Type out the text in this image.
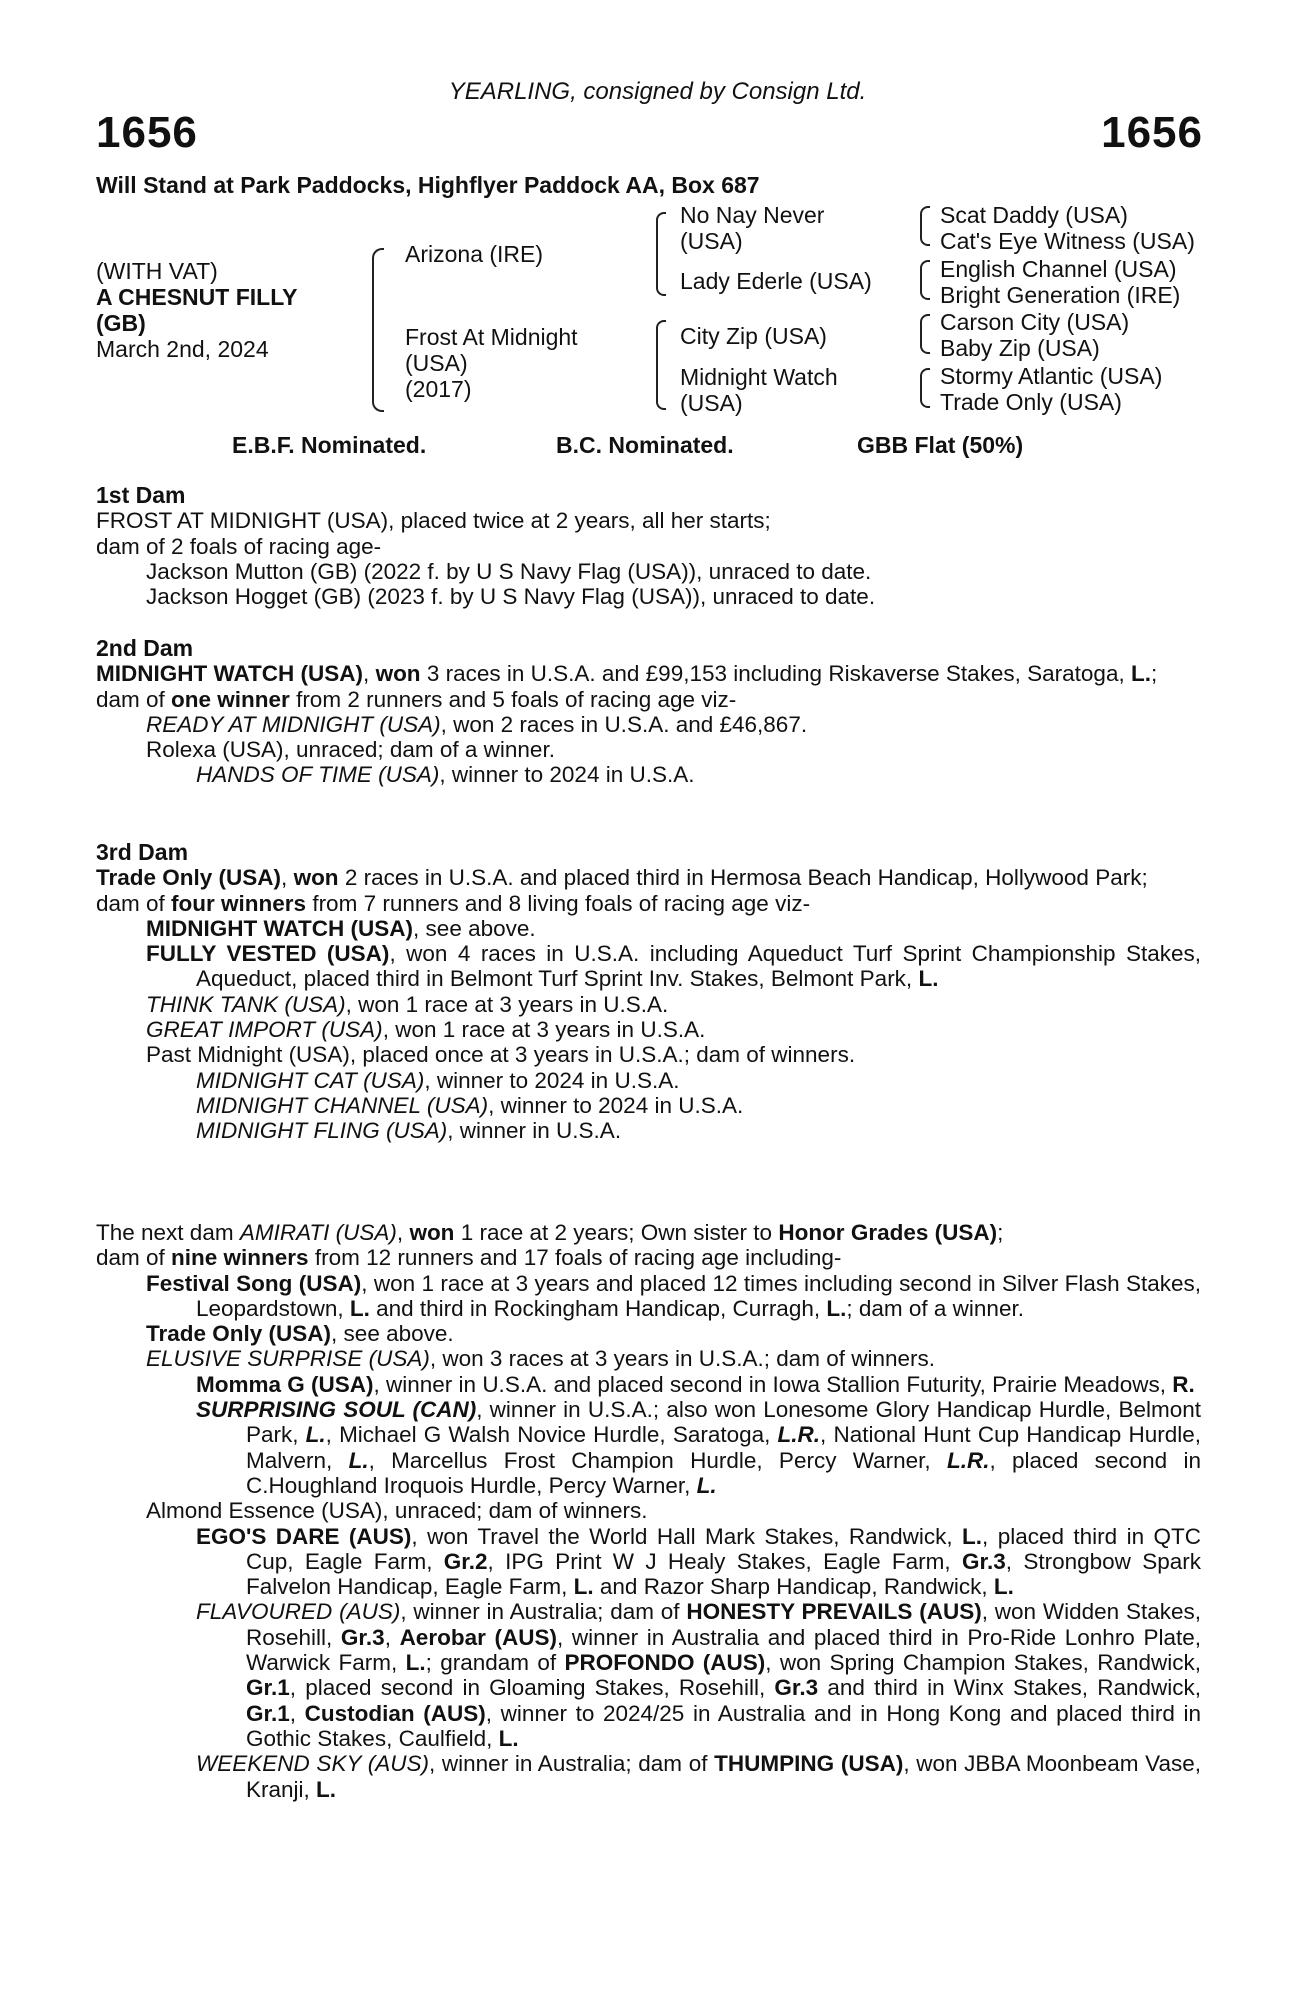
YEARLING, consigned by Consign Ltd.
1656	1656
Will Stand at Park Paddocks, Highflyer Paddock AA, Box 687
(WITH VAT)
A CHESNUT FILLY
(GB)
March 2nd, 2024
Arizona (IRE)
Frost At Midnight
(USA)
(2017)
No Nay Never
(USA)
Lady Ederle (USA)
City Zip (USA)
Midnight Watch
(USA)
Scat Daddy (USA)
Cat's Eye Witness (USA)
English Channel (USA)
Bright Generation (IRE)
Carson City (USA)
Baby Zip (USA)
Stormy Atlantic (USA)
Trade Only (USA)
E.B.F. Nominated.	B.C. Nominated.	GBB Flat (50%)
1st Dam
FROST AT MIDNIGHT (USA), placed twice at 2 years, all her starts;
dam of 2 foals of racing age-
Jackson Mutton (GB) (2022 f. by U S Navy Flag (USA)), unraced to date.
Jackson Hogget (GB) (2023 f. by U S Navy Flag (USA)), unraced to date.
2nd Dam
MIDNIGHT WATCH (USA), won 3 races in U.S.A. and £99,153 including Riskaverse Stakes, Saratoga, L.;
dam of one winner from 2 runners and 5 foals of racing age viz-
READY AT MIDNIGHT (USA), won 2 races in U.S.A. and £46,867.
Rolexa (USA), unraced; dam of a winner.
HANDS OF TIME (USA), winner to 2024 in U.S.A.
3rd Dam
Trade Only (USA), won 2 races in U.S.A. and placed third in Hermosa Beach Handicap, Hollywood Park;
dam of four winners from 7 runners and 8 living foals of racing age viz-
MIDNIGHT WATCH (USA), see above.
FULLY VESTED (USA), won 4 races in U.S.A. including Aqueduct Turf Sprint Championship Stakes, Aqueduct, placed third in Belmont Turf Sprint Inv. Stakes, Belmont Park, L.
THINK TANK (USA), won 1 race at 3 years in U.S.A.
GREAT IMPORT (USA), won 1 race at 3 years in U.S.A.
Past Midnight (USA), placed once at 3 years in U.S.A.; dam of winners.
MIDNIGHT CAT (USA), winner to 2024 in U.S.A.
MIDNIGHT CHANNEL (USA), winner to 2024 in U.S.A.
MIDNIGHT FLING (USA), winner in U.S.A.
The next dam AMIRATI (USA), won 1 race at 2 years; Own sister to Honor Grades (USA);
dam of nine winners from 12 runners and 17 foals of racing age including-
Festival Song (USA), won 1 race at 3 years and placed 12 times including second in Silver Flash Stakes, Leopardstown, L. and third in Rockingham Handicap, Curragh, L.; dam of a winner.
Trade Only (USA), see above.
ELUSIVE SURPRISE (USA), won 3 races at 3 years in U.S.A.; dam of winners.
Momma G (USA), winner in U.S.A. and placed second in Iowa Stallion Futurity, Prairie Meadows, R.
SURPRISING SOUL (CAN), winner in U.S.A.; also won Lonesome Glory Handicap Hurdle, Belmont Park, L., Michael G Walsh Novice Hurdle, Saratoga, L.R., National Hunt Cup Handicap Hurdle, Malvern, L., Marcellus Frost Champion Hurdle, Percy Warner, L.R., placed second in C.Houghland Iroquois Hurdle, Percy Warner, L.
Almond Essence (USA), unraced; dam of winners.
EGO'S DARE (AUS), won Travel the World Hall Mark Stakes, Randwick, L., placed third in QTC Cup, Eagle Farm, Gr.2, IPG Print W J Healy Stakes, Eagle Farm, Gr.3, Strongbow Spark Falvelon Handicap, Eagle Farm, L. and Razor Sharp Handicap, Randwick, L.
FLAVOURED (AUS), winner in Australia; dam of HONESTY PREVAILS (AUS), won Widden Stakes, Rosehill, Gr.3, Aerobar (AUS), winner in Australia and placed third in Pro-Ride Lonhro Plate, Warwick Farm, L.; grandam of PROFONDO (AUS), won Spring Champion Stakes, Randwick, Gr.1, placed second in Gloaming Stakes, Rosehill, Gr.3 and third in Winx Stakes, Randwick, Gr.1, Custodian (AUS), winner to 2024/25 in Australia and in Hong Kong and placed third in Gothic Stakes, Caulfield, L.
WEEKEND SKY (AUS), winner in Australia; dam of THUMPING (USA), won JBBA Moonbeam Vase, Kranji, L.
